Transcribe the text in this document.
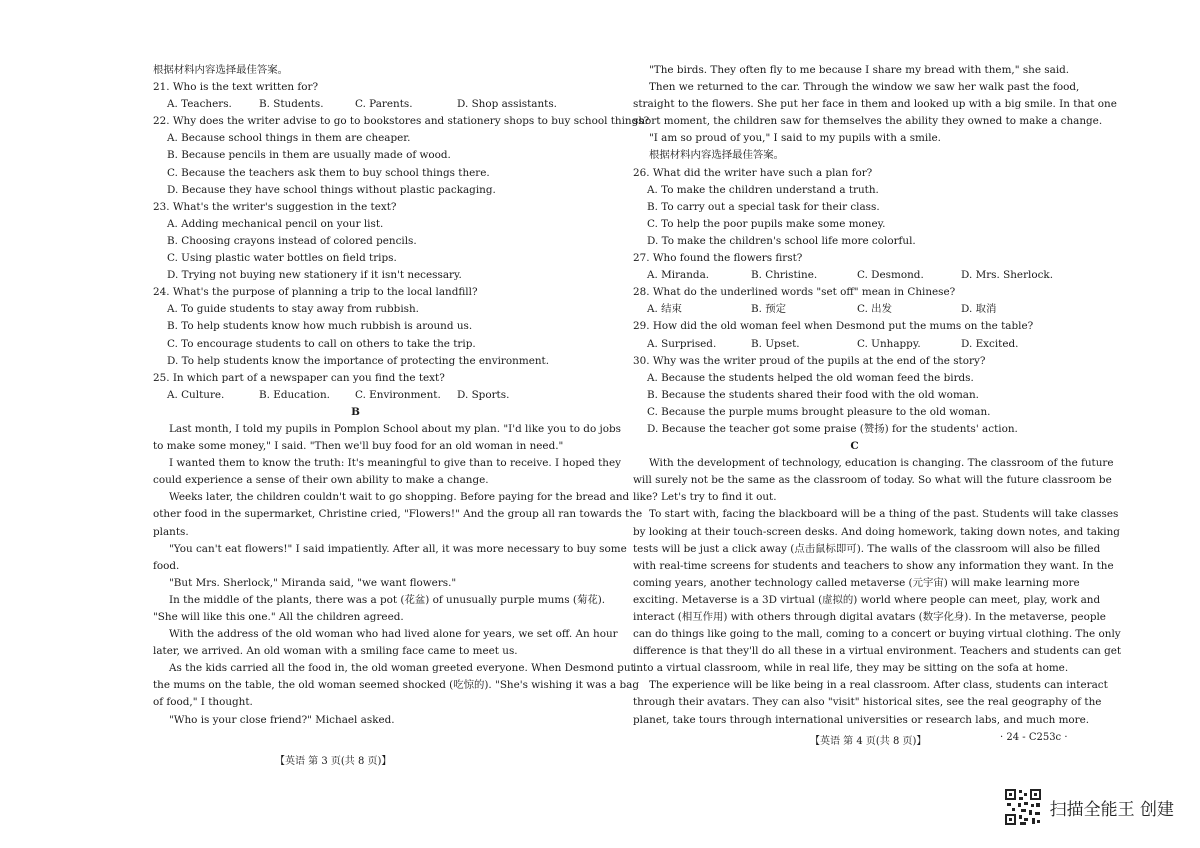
根据材料内容选择最佳答案。

21. Who is the text written for?

A. Teachers.	B. Students.	C. Parents.	D. Shop assistants.

22. Why does the writer advise to go to bookstores and stationery shops to buy school things?

A. Because school things in them are cheaper.

B. Because pencils in them are usually made of wood.

C. Because the teachers ask them to buy school things there.

D. Because they have school things without plastic packaging.

23. What's the writer's suggestion in the text?

A. Adding mechanical pencil on your list.

B. Choosing crayons instead of colored pencils.

C. Using plastic water bottles on field trips.

D. Trying not buying new stationery if it isn't necessary.

24. What's the purpose of planning a trip to the local landfill?

A. To guide students to stay away from rubbish.

B. To help students know how much rubbish is around us.

C. To encourage students to call on others to take the trip.

D. To help students know the importance of protecting the environment.

25. In which part of a newspaper can you find the text?

A. Culture.	B. Education.	C. Environment.	D. Sports.

B

Last month, I told my pupils in Pomplon School about my plan. "I'd like you to do jobs

to make some money," I said. "Then we'll buy food for an old woman in need."

I wanted them to know the truth: It's meaningful to give than to receive. I hoped they

could experience a sense of their own ability to make a change.

Weeks later, the children couldn't wait to go shopping. Before paying for the bread and

other food in the supermarket, Christine cried, "Flowers!" And the group all ran towards the

plants.

"You can't eat flowers!" I said impatiently. After all, it was more necessary to buy some

food.

"But Mrs. Sherlock," Miranda said, "we want flowers."

In the middle of the plants, there was a pot (花盆) of unusually purple mums (菊花).

"She will like this one." All the children agreed.

With the address of the old woman who had lived alone for years, we set off. An hour

later, we arrived. An old woman with a smiling face came to meet us.

As the kids carried all the food in, the old woman greeted everyone. When Desmond put

the mums on the table, the old woman seemed shocked (吃惊的). "She's wishing it was a bag

of food," I thought.

"Who is your close friend?" Michael asked.

【英语 第 3 页(共 8 页)】

"The birds. They often fly to me because I share my bread with them," she said.

Then we returned to the car. Through the window we saw her walk past the food,

straight to the flowers. She put her face in them and looked up with a big smile. In that one

short moment, the children saw for themselves the ability they owned to make a change.

"I am so proud of you," I said to my pupils with a smile.

根据材料内容选择最佳答案。

26. What did the writer have such a plan for?

A. To make the children understand a truth.

B. To carry out a special task for their class.

C. To help the poor pupils make some money.

D. To make the children's school life more colorful.

27. Who found the flowers first?

A. Miranda.	B. Christine.	C. Desmond.	D. Mrs. Sherlock.

28. What do the underlined words "set off" mean in Chinese?

A. 结束	B. 预定	C. 出发	D. 取消

29. How did the old woman feel when Desmond put the mums on the table?

A. Surprised.	B. Upset.	C. Unhappy.	D. Excited.

30. Why was the writer proud of the pupils at the end of the story?

A. Because the students helped the old woman feed the birds.

B. Because the students shared their food with the old woman.

C. Because the purple mums brought pleasure to the old woman.

D. Because the teacher got some praise (赞扬) for the students' action.

C

With the development of technology, education is changing. The classroom of the future

will surely not be the same as the classroom of today. So what will the future classroom be

like? Let's try to find it out.

To start with, facing the blackboard will be a thing of the past. Students will take classes

by looking at their touch-screen desks. And doing homework, taking down notes, and taking

tests will be just a click away (点击鼠标即可). The walls of the classroom will also be filled

with real-time screens for students and teachers to show any information they want. In the

coming years, another technology called metaverse (元宇宙) will make learning more

exciting. Metaverse is a 3D virtual (虚拟的) world where people can meet, play, work and

interact (相互作用) with others through digital avatars (数字化身). In the metaverse, people

can do things like going to the mall, coming to a concert or buying virtual clothing. The only

difference is that they'll do all these in a virtual environment. Teachers and students can get

into a virtual classroom, while in real life, they may be sitting on the sofa at home.

The experience will be like being in a real classroom. After class, students can interact

through their avatars. They can also "visit" historical sites, see the real geography of the

planet, take tours through international universities or research labs, and much more.

【英语 第 4 页(共 8 页)】	· 24 - C253c ·
扫描全能王 创建
